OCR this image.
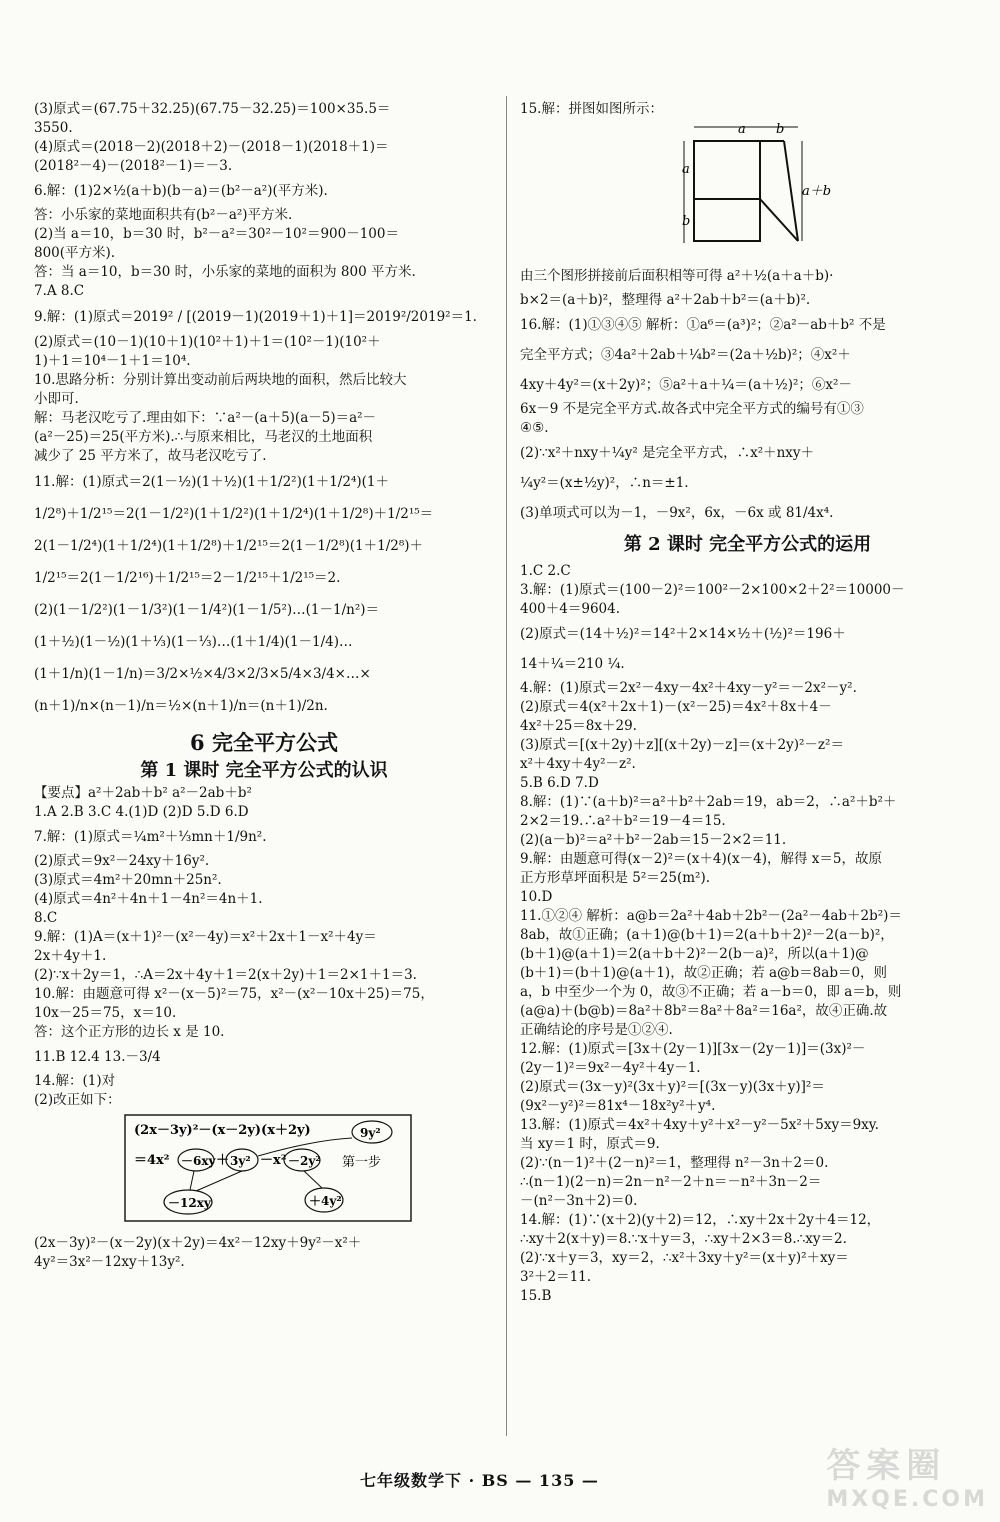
(3)原式＝(67.75＋32.25)(67.75－32.25)＝100×35.5＝
3550.
(4)原式＝(2018－2)(2018＋2)－(2018－1)(2018＋1)＝
(2018²－4)－(2018²－1)＝－3.
6.解：(1)2×½(a＋b)(b－a)＝(b²－a²)(平方米).
答：小乐家的菜地面积共有(b²－a²)平方米.
(2)当 a＝10，b＝30 时，b²－a²＝30²－10²＝900－100＝
800(平方米).
答：当 a＝10，b＝30 时，小乐家的菜地的面积为 800 平方米.
7.A 8.C
9.解：(1)原式＝2019² / [(2019－1)(2019＋1)＋1]＝2019²/2019²＝1.
(2)原式＝(10－1)(10＋1)(10²＋1)＋1＝(10²－1)(10²＋
1)＋1＝10⁴－1＋1＝10⁴.
10.思路分析：分别计算出变动前后两块地的面积，然后比较大
小即可.
解：马老汉吃亏了.理由如下：∵a²－(a＋5)(a－5)＝a²－
(a²－25)＝25(平方米).∴与原来相比，马老汉的土地面积
减少了 25 平方米了，故马老汉吃亏了.
11.解：(1)原式＝2(1－½)(1＋½)(1＋1/2²)(1＋1/2⁴)(1＋
1/2⁸)＋1/2¹⁵＝2(1－1/2²)(1＋1/2²)(1＋1/2⁴)(1＋1/2⁸)＋1/2¹⁵＝
2(1－1/2⁴)(1＋1/2⁴)(1＋1/2⁸)＋1/2¹⁵＝2(1－1/2⁸)(1＋1/2⁸)＋
1/2¹⁵＝2(1－1/2¹⁶)＋1/2¹⁵＝2－1/2¹⁵＋1/2¹⁵＝2.
(2)(1－1/2²)(1－1/3²)(1－1/4²)(1－1/5²)…(1－1/n²)＝
(1＋½)(1－½)(1＋⅓)(1－⅓)…(1＋1/4)(1－1/4)…
(1＋1/n)(1－1/n)＝3/2×½×4/3×2/3×5/4×3/4×…×
(n＋1)/n×(n－1)/n＝½×(n＋1)/n＝(n＋1)/2n.
6 完全平方公式
第 1 课时 完全平方公式的认识
【要点】a²＋2ab＋b² a²－2ab＋b²
1.A 2.B 3.C 4.(1)D (2)D 5.D 6.D
7.解：(1)原式＝¼m²＋⅓mn＋1/9n².
(2)原式＝9x²－24xy＋16y².
(3)原式＝4m²＋20mn＋25n².
(4)原式＝4n²＋4n＋1－4n²＝4n＋1.
8.C
9.解：(1)A＝(x＋1)²－(x²－4y)＝x²＋2x＋1－x²＋4y＝
2x＋4y＋1.
(2)∵x＋2y＝1，∴A＝2x＋4y＋1＝2(x＋2y)＋1＝2×1＋1＝3.
10.解：由题意可得 x²－(x－5)²＝75，x²－(x²－10x＋25)＝75，
10x－25＝75，x＝10.
答：这个正方形的边长 x 是 10.
11.B 12.4 13.－3/4
14.解：(1)对
(2)改正如下：
(2x－3y)²－(x－2y)(x＋2y)	9y²
＝4x² －6xy ＋ 3y² －x² －2y² 第一步
－12xy	＋4y²
(2x－3y)²－(x－2y)(x＋2y)＝4x²－12xy＋9y²－x²＋
4y²＝3x²－12xy＋13y².
15.解：拼图如图所示：
a b
a
b
a＋b
由三个图形拼接前后面积相等可得 a²＋½(a＋a＋b)·
b×2＝(a＋b)²，整理得 a²＋2ab＋b²＝(a＋b)².
16.解：(1)①③④⑤ 解析：①a⁶＝(a³)²；②a²－ab＋b² 不是
完全平方式；③4a²＋2ab＋¼b²＝(2a＋½b)²；④x²＋
4xy＋4y²＝(x＋2y)²；⑤a²＋a＋¼＝(a＋½)²；⑥x²－
6x－9 不是完全平方式.故各式中完全平方式的编号有①③
④⑤.
(2)∵x²＋nxy＋¼y² 是完全平方式，∴x²＋nxy＋
¼y²＝(x±½y)²，∴n＝±1.
(3)单项式可以为－1，－9x²，6x，－6x 或 81/4x⁴.
第 2 课时 完全平方公式的运用
1.C 2.C
3.解：(1)原式＝(100－2)²＝100²－2×100×2＋2²＝10000－
400＋4＝9604.
(2)原式＝(14＋½)²＝14²＋2×14×½＋(½)²＝196＋
14＋¼＝210 ¼.
4.解：(1)原式＝2x²－4xy－4x²＋4xy－y²＝－2x²－y².
(2)原式＝4(x²＋2x＋1)－(x²－25)＝4x²＋8x＋4－
4x²＋25＝8x＋29.
(3)原式＝[(x＋2y)＋z][(x＋2y)－z]＝(x＋2y)²－z²＝
x²＋4xy＋4y²－z².
5.B 6.D 7.D
8.解：(1)∵(a＋b)²＝a²＋b²＋2ab＝19，ab＝2，∴a²＋b²＋
2×2＝19.∴a²＋b²＝19－4＝15.
(2)(a－b)²＝a²＋b²－2ab＝15－2×2＝11.
9.解：由题意可得(x－2)²＝(x＋4)(x－4)，解得 x＝5，故原
正方形草坪面积是 5²＝25(m²).
10.D
11.①②④ 解析：a@b＝2a²＋4ab＋2b²－(2a²－4ab＋2b²)＝
8ab，故①正确；(a＋1)@(b＋1)＝2(a＋b＋2)²－2(a－b)²，
(b＋1)@(a＋1)＝2(a＋b＋2)²－2(b－a)²，所以(a＋1)@
(b＋1)＝(b＋1)@(a＋1)，故②正确；若 a@b＝8ab＝0，则
a，b 中至少一个为 0，故③不正确；若 a－b＝0，即 a＝b，则
(a@a)＋(b@b)＝8a²＋8b²＝8a²＋8a²＝16a²，故④正确.故
正确结论的序号是①②④.
12.解：(1)原式＝[3x＋(2y－1)][3x－(2y－1)]＝(3x)²－
(2y－1)²＝9x²－4y²＋4y－1.
(2)原式＝(3x－y)²(3x＋y)²＝[(3x－y)(3x＋y)]²＝
(9x²－y²)²＝81x⁴－18x²y²＋y⁴.
13.解：(1)原式＝4x²＋4xy＋y²＋x²－y²－5x²＋5xy＝9xy.
当 xy＝1 时，原式＝9.
(2)∵(n－1)²＋(2－n)²＝1，整理得 n²－3n＋2＝0.
∴(n－1)(2－n)＝2n－n²－2＋n＝－n²＋3n－2＝
－(n²－3n＋2)＝0.
14.解：(1)∵(x＋2)(y＋2)＝12，∴xy＋2x＋2y＋4＝12，
∴xy＋2(x＋y)＝8.∵x＋y＝3，∴xy＋2×3＝8.∴xy＝2.
(2)∵x＋y＝3，xy＝2，∴x²＋3xy＋y²＝(x＋y)²＋xy＝
3²＋2＝11.
15.B
七年级数学下 · BS — 135 —	答案圈
MXQE.COM
